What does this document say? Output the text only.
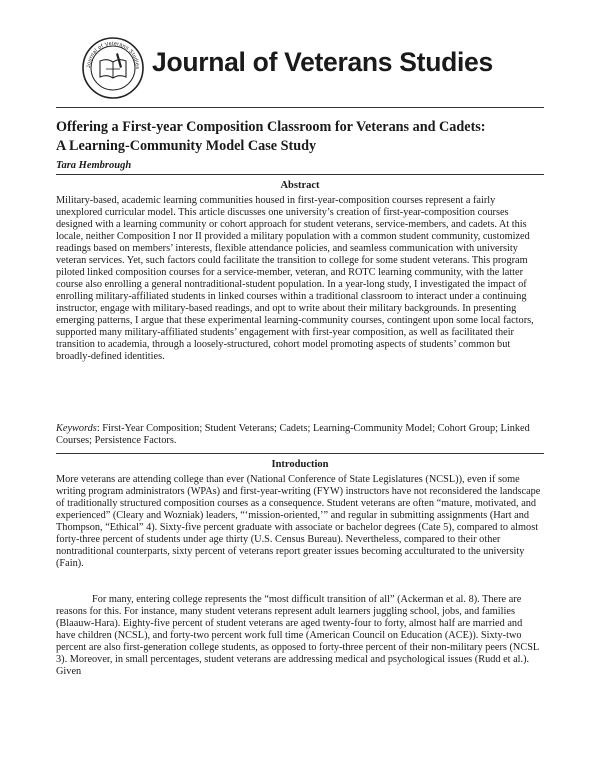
Journal of Veterans Studies Journal of Veterans Studies
Offering a First-year Composition Classroom for Veterans and Cadets:
A Learning-Community Model Case Study
Tara Hembrough
Abstract

Military-based, academic learning communities housed in first-year-composition courses represent a fairly unexplored curricular model. This article discusses one university’s creation of first-year-composition courses designed with a learning community or cohort approach for student veterans, service-members, and cadets. At this locale, neither Composition I nor II provided a military population with a common student community, customized readings based on members’ interests, flexible attendance policies, and seamless communication with university veteran services. Yet, such factors could facilitate the transition to college for some student veterans. This program piloted linked composition courses for a service-member, veteran, and ROTC learning community, with the latter course also enrolling a general nontraditional-student population. In a year-long study, I investigated the impact of enrolling military-affiliated students in linked courses within a traditional classroom to interact under a continuing instructor, engage with military-based readings, and opt to write about their military backgrounds. In presenting emerging patterns, I argue that these experimental learning-community courses, contingent upon some local factors, supported many military-affiliated students’ engagement with first-year composition, as well as facilitated their transition to academia, through a loosely-structured, cohort model promoting aspects of students’ common but broadly-defined identities.

Keywords: First-Year Composition; Student Veterans; Cadets; Learning-Community Model; Cohort Group; Linked Courses; Persistence Factors.

Introduction

More veterans are attending college than ever (National Conference of State Legislatures (NCSL)), even if some writing program administrators (WPAs) and first-year-writing (FYW) instructors have not reconsidered the landscape of traditionally structured composition courses as a consequence. Student veterans are often “mature, motivated, and experienced” (Cleary and Wozniak) leaders, “‘mission-oriented,’” and regular in submitting assignments (Hart and Thompson, “Ethical” 4). Sixty-five percent graduate with associate or bachelor degrees (Cate 5), compared to almost forty-three percent of students under age thirty (U.S. Census Bureau). Nevertheless, compared to their other nontraditional counterparts, sixty percent of veterans report greater issues becoming acculturated to the university (Fain).

For many, entering college represents the “most difficult transition of all” (Ackerman et al. 8). There are reasons for this. For instance, many student veterans represent adult learners juggling school, jobs, and families (Blaauw-Hara). Eighty-five percent of student veterans are aged twenty-four to forty, almost half are married and have children (NCSL), and forty-two percent work full time (American Council on Education (ACE)). Sixty-two percent are also first-generation college students, as opposed to forty-three percent of their non-military peers (NCSL 3). Moreover, in small percentages, student veterans are addressing medical and psychological issues (Rudd et al.). Given
